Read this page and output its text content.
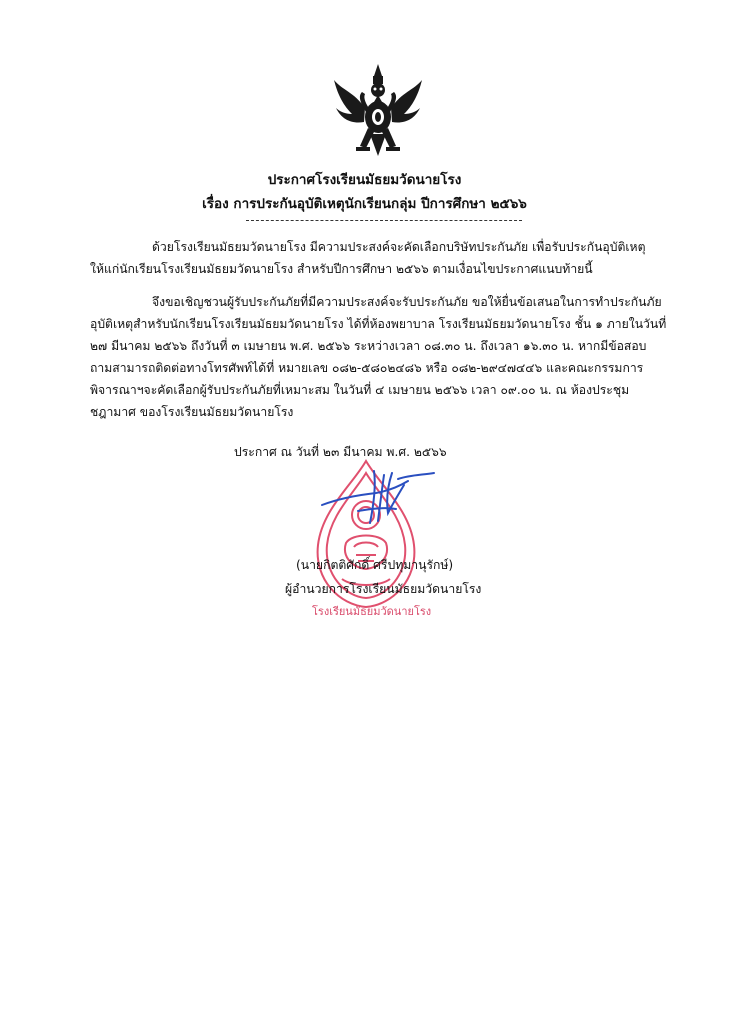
ประกาศโรงเรียนมัธยมวัดนายโรง
เรื่อง การประกันอุบัติเหตุนักเรียนกลุ่ม ปีการศึกษา ๒๕๖๖
ด้วยโรงเรียนมัธยมวัดนายโรง มีความประสงค์จะคัดเลือกบริษัทประกันภัย เพื่อรับประกันอุบัติเหตุ
ให้แก่นักเรียนโรงเรียนมัธยมวัดนายโรง สำหรับปีการศึกษา ๒๕๖๖ ตามเงื่อนไขประกาศแนบท้ายนี้
จึงขอเชิญชวนผู้รับประกันภัยที่มีความประสงค์จะรับประกันภัย ขอให้ยื่นข้อเสนอในการทำประกันภัย
อุบัติเหตุสำหรับนักเรียนโรงเรียนมัธยมวัดนายโรง ได้ที่ห้องพยาบาล โรงเรียนมัธยมวัดนายโรง ชั้น ๑ ภายในวันที่
๒๗ มีนาคม ๒๕๖๖ ถึงวันที่ ๓ เมษายน พ.ศ. ๒๕๖๖ ระหว่างเวลา ๐๘.๓๐ น. ถึงเวลา ๑๖.๓๐ น. หากมีข้อสอบ
ถามสามารถติดต่อทางโทรศัพท์ได้ที่ หมายเลข ๐๘๒-๕๘๐๒๔๘๖ หรือ ๐๘๒-๒๙๔๗๔๔๖ และคณะกรรมการ
พิจารณาฯจะคัดเลือกผู้รับประกันภัยที่เหมาะสม ในวันที่ ๔ เมษายน ๒๕๖๖ เวลา ๐๙.๐๐ น. ณ ห้องประชุม
ชฎามาศ ของโรงเรียนมัธยมวัดนายโรง
ประกาศ ณ วันที่ ๒๓ มีนาคม พ.ศ. ๒๕๖๖
(นายกิตติศักดิ์ ศรีปทุมานุรักษ์)
ผู้อำนวยการโรงเรียนมัธยมวัดนายโรง
โรงเรียนมัธยมวัดนายโรง
